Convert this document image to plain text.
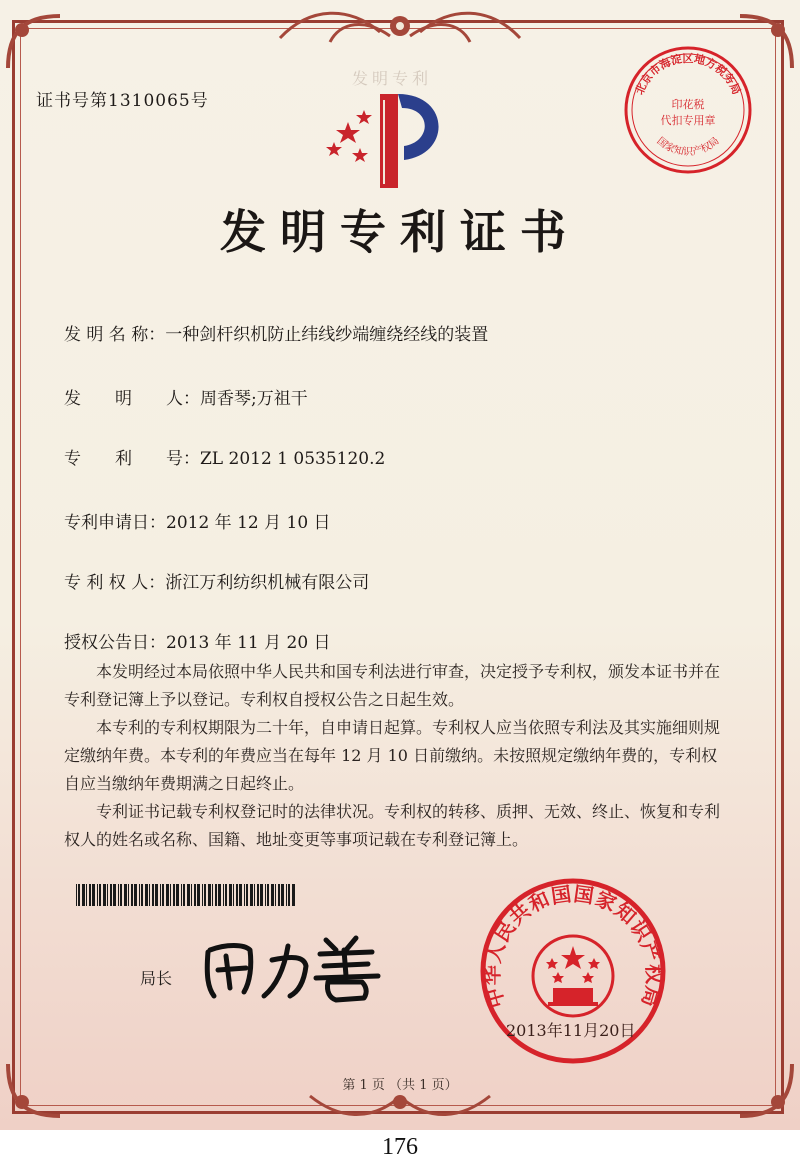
证书号第1310065号
发明专利
北京市海淀区地方税务局
印花税
代扣专用章
国家知识产权局
发明专利证书
发 明 名 称：一种剑杆织机防止纬线纱端缠绕经线的装置
发　　明　　人：周香琴;万祖干
专　　利　　号：ZL 2012 1 0535120.2
专利申请日：2012 年 12 月 10 日
专 利 权 人：浙江万利纺织机械有限公司
授权公告日：2013 年 11 月 20 日

本发明经过本局依照中华人民共和国专利法进行审查，决定授予专利权，颁发本证书并在专利登记簿上予以登记。专利权自授权公告之日起生效。

本专利的专利权期限为二十年，自申请日起算。专利权人应当依照专利法及其实施细则规定缴纳年费。本专利的年费应当在每年 12 月 10 日前缴纳。未按照规定缴纳年费的，专利权自应当缴纳年费期满之日起终止。

专利证书记载专利权登记时的法律状况。专利权的转移、质押、无效、终止、恢复和专利权人的姓名或名称、国籍、地址变更等事项记载在专利登记簿上。

局长
中华人民共和国国家知识产权局
2013年11月20日
第 1 页 （共 1 页）
176
